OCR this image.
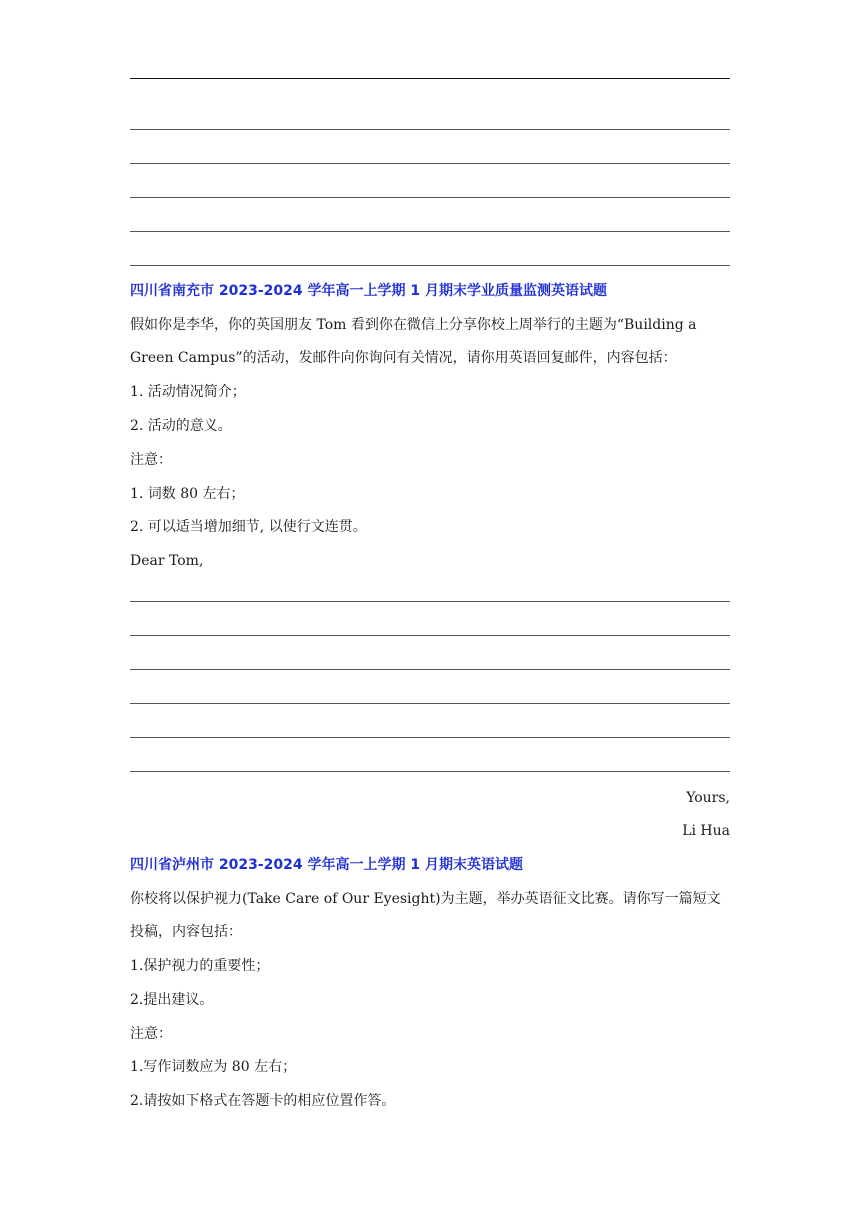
四川省南充市 2023-2024 学年高一上学期 1 月期末学业质量监测英语试题
假如你是李华，你的英国朋友 Tom 看到你在微信上分享你校上周举行的主题为“Building a
Green Campus”的活动，发邮件向你询问有关情况，请你用英语回复邮件，内容包括：
1. 活动情况简介；
2. 活动的意义。
注意：
1. 词数 80 左右；
2. 可以适当增加细节, 以使行文连贯。
Dear Tom,
Yours,
Li Hua
四川省泸州市 2023-2024 学年高一上学期 1 月期末英语试题
你校将以保护视力(Take Care of Our Eyesight)为主题，举办英语征文比赛。请你写一篇短文
投稿，内容包括：
1.保护视力的重要性；
2.提出建议。
注意：
1.写作词数应为 80 左右；
2.请按如下格式在答题卡的相应位置作答。
